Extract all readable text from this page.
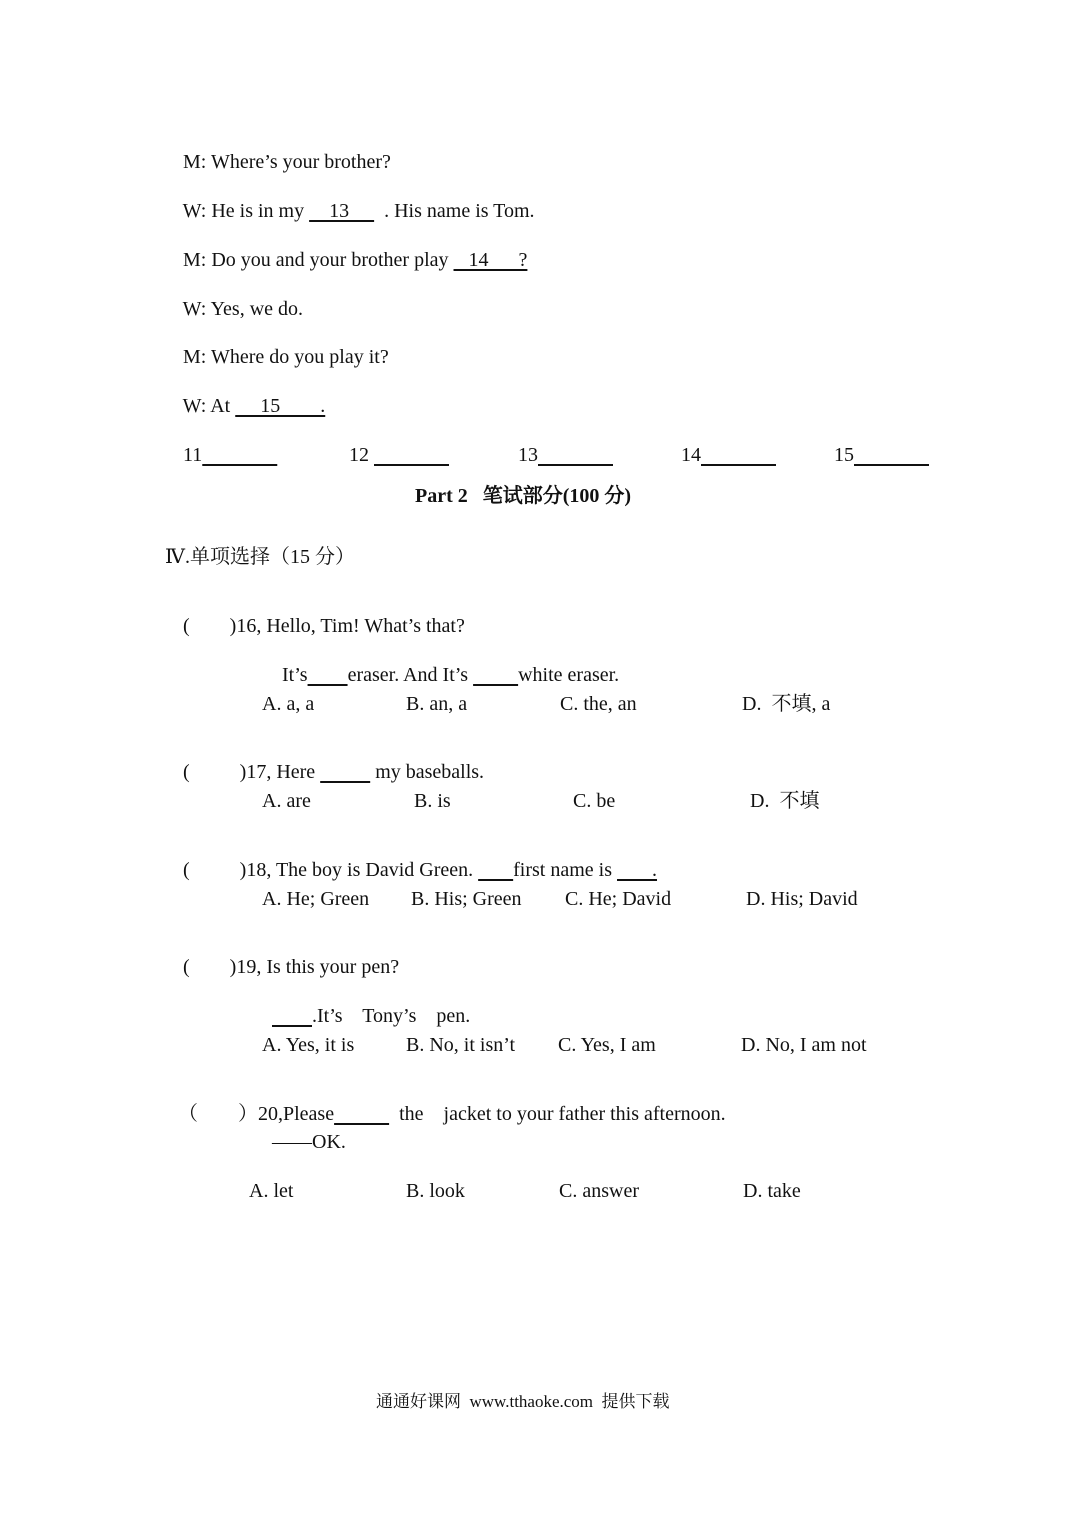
M: Where’s your brother?

W: He is in my     13       . His name is Tom.

M: Do you and your brother play    14      ?

W: Yes, we do.

M: Where do you play it?

W: At      15        .

11	12	13	14	15

Part 2   笔试部分(100 分)
Ⅳ.单项选择（15 分）

(        )16, Hello, Tim! What’s that?

It’s eraser. And It’s          white eraser.

A. a, a	B. an, a	C. the, an	D.  不填, a

(          )17, Here	my baseballs.

A. are	B. is	C. be	D.  不填

(          )18, The boy is David Green.        first name is        .

A. He; Green B. His; Green C. He; David	D. His; David

(        )19, Is this your pen?

.It’s    Tony’s    pen.

A. Yes, it is	B. No, it isn’t C. Yes, I am	D. No, I am not

（        ）20,Please	the    jacket to your father this afternoon.

——OK.
A. let	B. look	C. answer	D. take
通通好课网  www.tthaoke.com  提供下载
